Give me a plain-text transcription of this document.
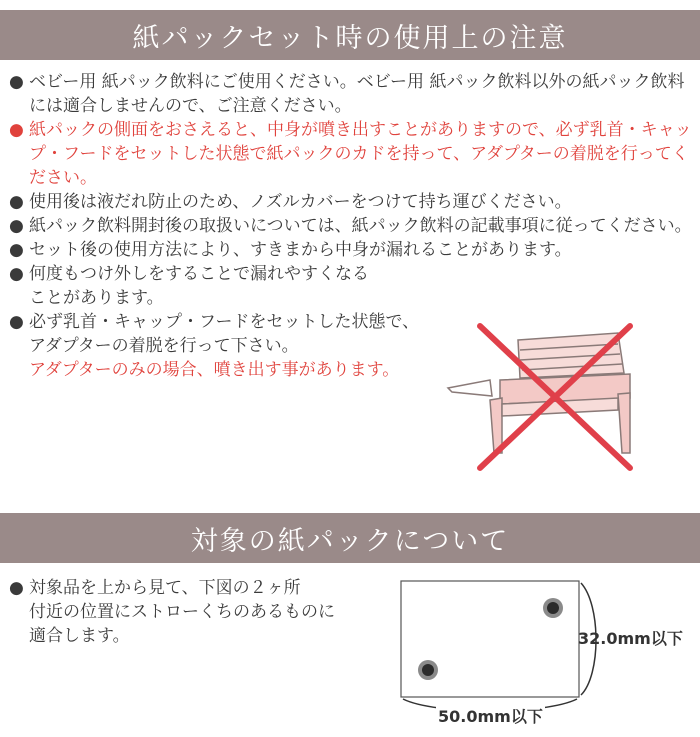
紙パックセット時の使用上の注意
● ベビー用 紙パック飲料にご使用ください。ベビー用 紙パック飲料以外の紙パック飲料には適合しませんので、ご注意ください。
● 紙パックの側面をおさえると、中身が噴き出すことがありますので、必ず乳首・キャップ・フードをセットした状態で紙パックのカドを持って、アダプターの着脱を行ってください。
● 使用後は液だれ防止のため、ノズルカバーをつけて持ち運びください。
● 紙パック飲料開封後の取扱いについては、紙パック飲料の記載事項に従ってください。
● セット後の使用方法により、すきまから中身が漏れることがあります。
● 何度もつけ外しをすることで漏れやすくなる
ことがあります。
● 必ず乳首・キャップ・フードをセットした状態で、
アダプターの着脱を行って下さい。
アダプターのみの場合、噴き出す事があります。
対象の紙パックについて
● 対象品を上から見て、下図の２ヶ所
付近の位置にストローくちのあるものに
適合します。	32.0mm以下
50.0mm以下
